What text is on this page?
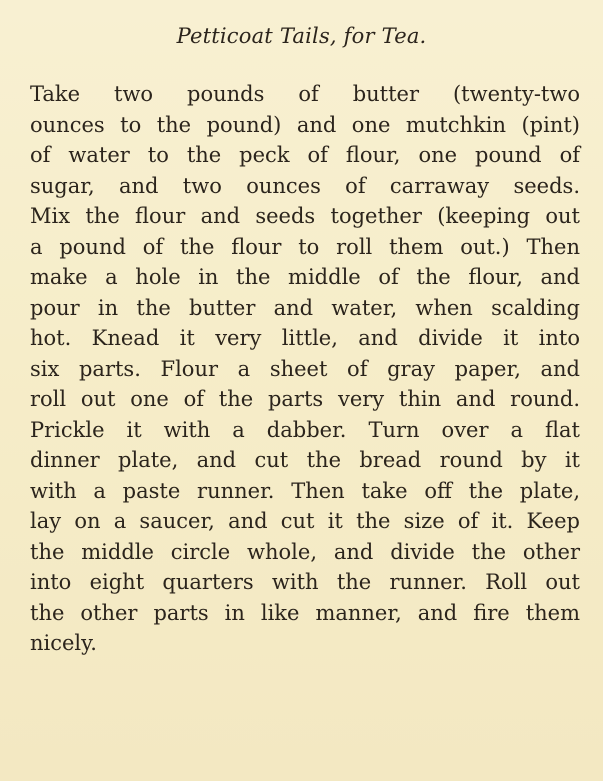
Petticoat Tails, for Tea.
Take two pounds of butter (twenty-two
ounces to the pound) and one mutchkin (pint)
of water to the peck of flour, one pound of
sugar, and two ounces of carraway seeds.
Mix the flour and seeds together (keeping out
a pound of the flour to roll them out.) Then
make a hole in the middle of the flour, and
pour in the butter and water, when scalding
hot. Knead it very little, and divide it into
six parts. Flour a sheet of gray paper, and
roll out one of the parts very thin and round.
Prickle it with a dabber. Turn over a flat
dinner plate, and cut the bread round by it
with a paste runner. Then take off the plate,
lay on a saucer, and cut it the size of it. Keep
the middle circle whole, and divide the other
into eight quarters with the runner. Roll out
the other parts in like manner, and fire them
nicely.
